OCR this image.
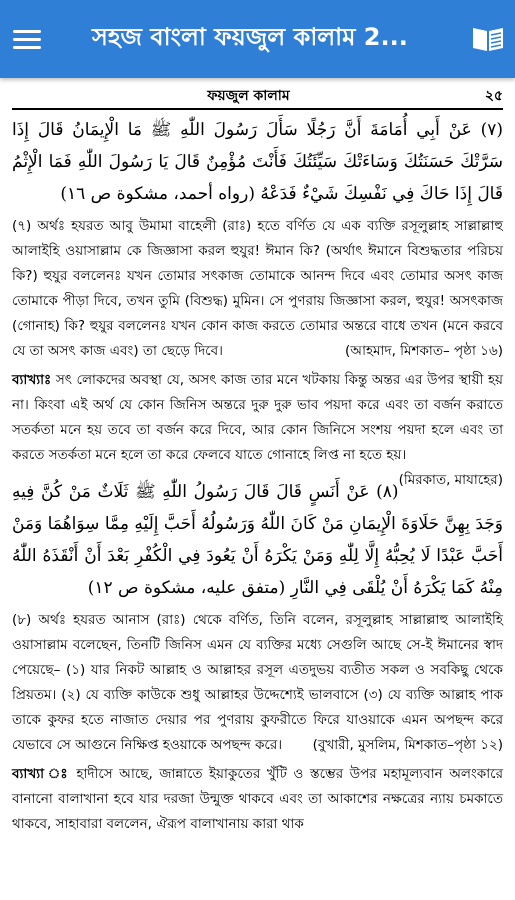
সহজ বাংলা ফয়জুল কালাম 2...
ফয়জুল কালাম	২৫

(٧) عَنْ أَبِي أُمَامَةَ أَنَّ رَجُلًا سَأَلَ رَسُولَ اللّٰهِ ﷺ مَا الْإِيمَانُ قَالَ إِذَا سَرَّتْكَ حَسَنَتُكَ وَسَاءَتْكَ سَيِّئَتُكَ فَأَنْتَ مُؤْمِنٌ قَالَ يَا رَسُولَ اللّٰهِ فَمَا الْإِثْمُ قَالَ إِذَا حَاكَ فِي نَفْسِكَ شَيْءٌ فَدَعْهُ (رواه أحمد، مشكوة ص ١٦)

(৭) অর্থঃ হযরত আবু উমামা বাহেলী (রাঃ) হতে বর্ণিত যে এক ব্যক্তি রসূলুল্লাহ সাল্লাল্লাহু আলাইহি ওয়াসাল্লাম কে জিজ্ঞাসা করল হুযুর! ঈমান কি? (অর্থাৎ ঈমানে বিশুদ্ধতার পরিচয় কি?) হুযুর বললেনঃ যখন তোমার সৎকাজ তোমাকে আনন্দ দিবে এবং তোমার অসৎ কাজ তোমাকে পীড়া দিবে, তখন তুমি (বিশুদ্ধ) মুমিন। সে পুণরায় জিজ্ঞাসা করল, হুযুর! অসৎকাজ (গোনাহ) কি? হুযুর বললেনঃ যখন কোন কাজ করতে তোমার অন্তরে বাধে তখন (মনে করবে যে তা অসৎ কাজ এবং) তা ছেড়ে দিবে।	(আহমাদ, মিশকাত– পৃষ্ঠা ১৬)

ব্যাখ্যাঃ সৎ লোকদের অবস্থা যে, অসৎ কাজ তার মনে খটকায় কিন্তু অন্তর এর উপর স্থায়ী হয় না। কিংবা এই অর্থ যে কোন জিনিস অন্তরে দুরু দুরু ভাব পয়দা করে এবং তা বর্জন করাতে সতর্কতা মনে হয় তবে তা বর্জন করে দিবে, আর কোন জিনিসে সংশয় পয়দা হলে এবং তা করতে সতর্কতা মনে হলে তা করে ফেলবে যাতে গোনাহে লিপ্ত না হতে হয়।
(মিরকাত, মাযাহের)

(٨) عَنْ أَنَسٍ قَالَ قَالَ رَسُولُ اللّٰهِ ﷺ ثَلَاثٌ مَنْ كُنَّ فِيهِ وَجَدَ بِهِنَّ حَلَاوَةَ الْإِيمَانِ مَنْ كَانَ اللّٰهُ وَرَسُولُهُ أَحَبَّ إِلَيْهِ مِمَّا سِوَاهُمَا وَمَنْ أَحَبَّ عَبْدًا لَا يُحِبُّهُ إِلَّا لِلّٰهِ وَمَنْ يَكْرَهُ أَنْ يَعُودَ فِي الْكُفْرِ بَعْدَ أَنْ أَنْقَذَهُ اللّٰهُ مِنْهُ كَمَا يَكْرَهُ أَنْ يُلْقَى فِي النَّارِ (متفق عليه، مشكوة ص ١٢)

(৮) অর্থঃ হযরত আনাস (রাঃ) থেকে বর্ণিত, তিনি বলেন, রসূলুল্লাহ সাল্লাল্লাহু আলাইহি ওয়াসাল্লাম বলেছেন, তিনটি জিনিস এমন যে ব্যক্তির মধ্যে সেগুলি আছে সে-ই ঈমানের স্বাদ পেয়েছে– (১) যার নিকট আল্লাহ ও আল্লাহর রসূল এতদুভয় ব্যতীত সকল ও সবকিছু থেকে প্রিয়তম। (২) যে ব্যক্তি কাউকে শুধু আল্লাহর উদ্দেশ্যেই ভালবাসে (৩) যে ব্যক্তি আল্লাহ পাক তাকে কুফর হতে নাজাত দেয়ার পর পুণরায় কুফরীতে ফিরে যাওয়াকে এমন অপছন্দ করে যেভাবে সে আগুনে নিক্ষিপ্ত হওয়াকে অপছন্দ করে। (বুখারী, মুসলিম, মিশকাত–পৃষ্ঠা ১২)

ব্যাখ্যা ঃ হাদীসে আছে, জান্নাতে ইয়াকুতের খুঁটি ও স্তম্ভের উপর মহামূল্যবান অলংকারে বানানো বালাখানা হবে যার দরজা উন্মুক্ত থাকবে এবং তা আকাশের নক্ষত্রের ন্যায় চমকাতে থাকবে, সাহাবারা বললেন, ঐরূপ বালাখানায় কারা থাক
